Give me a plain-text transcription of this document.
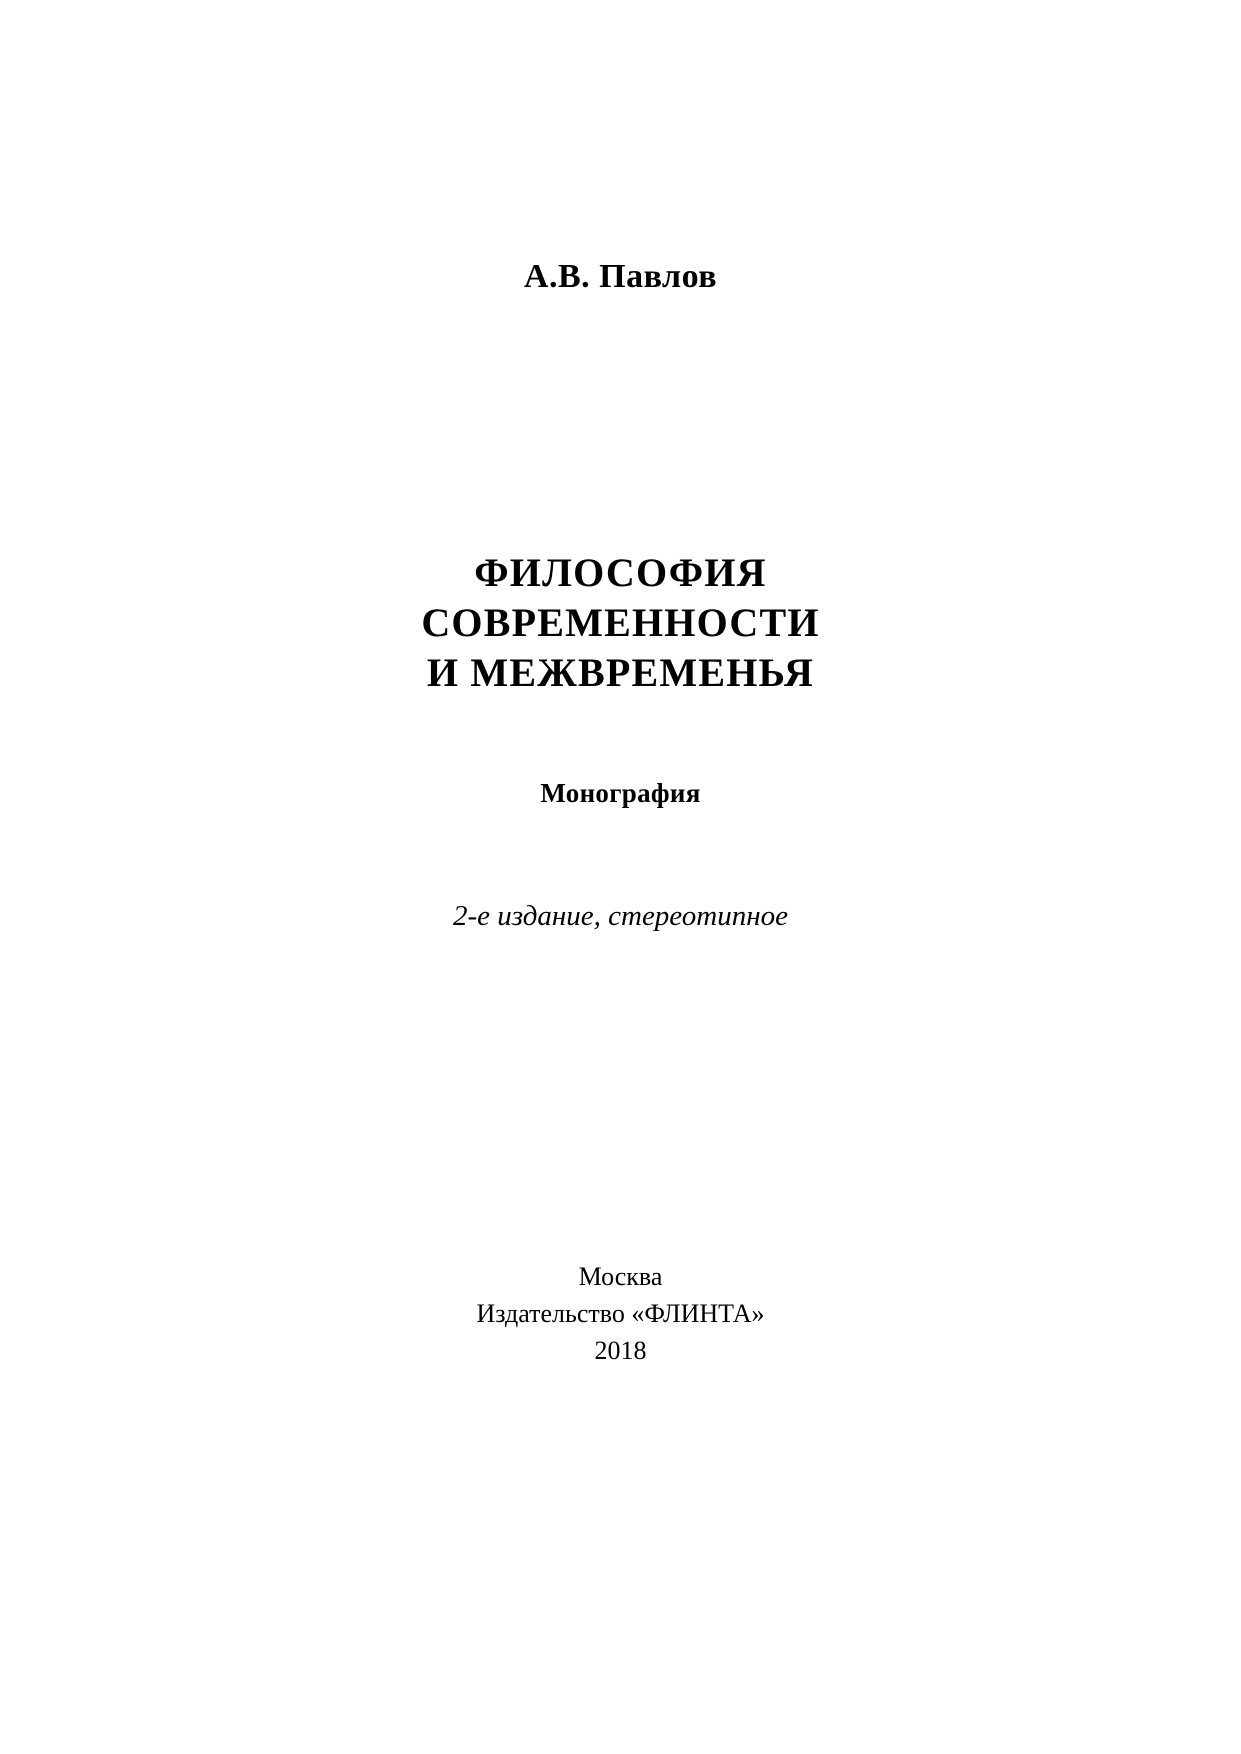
А.В. Павлов
ФИЛОСОФИЯ
СОВРЕМЕННОСТИ
И МЕЖВРЕМЕНЬЯ
Монография
2-е издание, стереотипное
Москва
Издательство «ФЛИНТА»
2018
